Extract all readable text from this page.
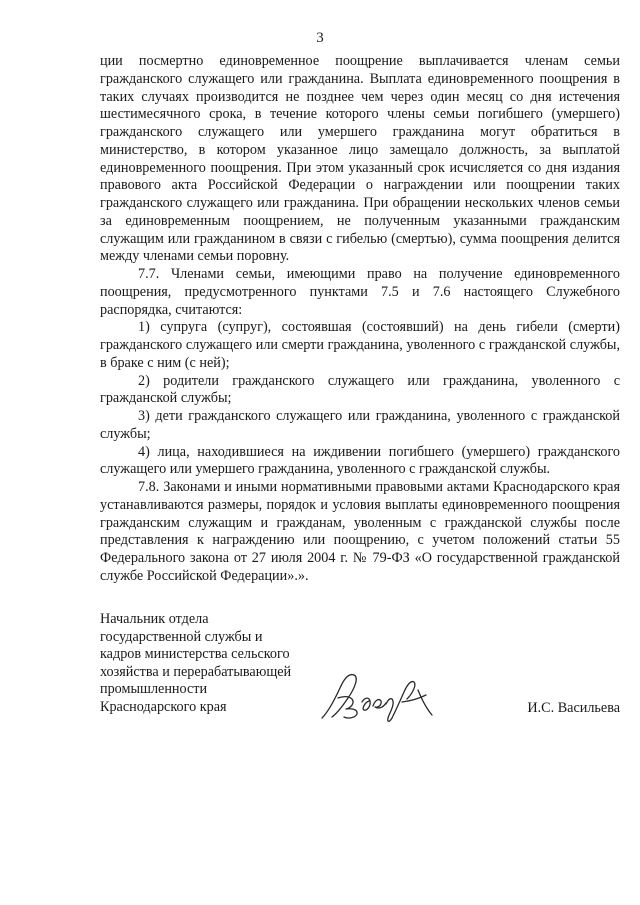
3

ции посмертно единовременное поощрение выплачивается членам семьи гражданского служащего или гражданина. Выплата единовременного поощрения в таких случаях производится не позднее чем через один месяц со дня истечения шестимесячного срока, в течение которого члены семьи погибшего (умершего) гражданского служащего или умершего гражданина могут обратиться в министерство, в котором указанное лицо замещало должность, за выплатой единовременного поощрения. При этом указанный срок исчисляется со дня издания правового акта Российской Федерации о награждении или поощрении таких гражданского служащего или гражданина. При обращении нескольких членов семьи за единовременным поощрением, не полученным указанными гражданским служащим или гражданином в связи с гибелью (смертью), сумма поощрения делится между членами семьи поровну.

7.7. Членами семьи, имеющими право на получение единовременного поощрения, предусмотренного пунктами 7.5 и 7.6 настоящего Служебного распорядка, считаются:

1) супруга (супруг), состоявшая (состоявший) на день гибели (смерти) гражданского служащего или смерти гражданина, уволенного с гражданской службы, в браке с ним (с ней);

2) родители гражданского служащего или гражданина, уволенного с гражданской службы;

3) дети гражданского служащего или гражданина, уволенного с гражданской службы;

4) лица, находившиеся на иждивении погибшего (умершего) гражданского служащего или умершего гражданина, уволенного с гражданской службы.

7.8. Законами и иными нормативными правовыми актами Краснодарского края устанавливаются размеры, порядок и условия выплаты единовременного поощрения гражданским служащим и гражданам, уволенным с гражданской службы после представления к награждению или поощрению, с учетом положений статьи 55 Федерального закона от 27 июля 2004 г. № 79-ФЗ «О государственной гражданской службе Российской Федерации».».

Начальник отдела
государственной службы и
кадров министерства сельского
хозяйства и перерабатывающей
промышленности
Краснодарского края	И.С. Васильева
